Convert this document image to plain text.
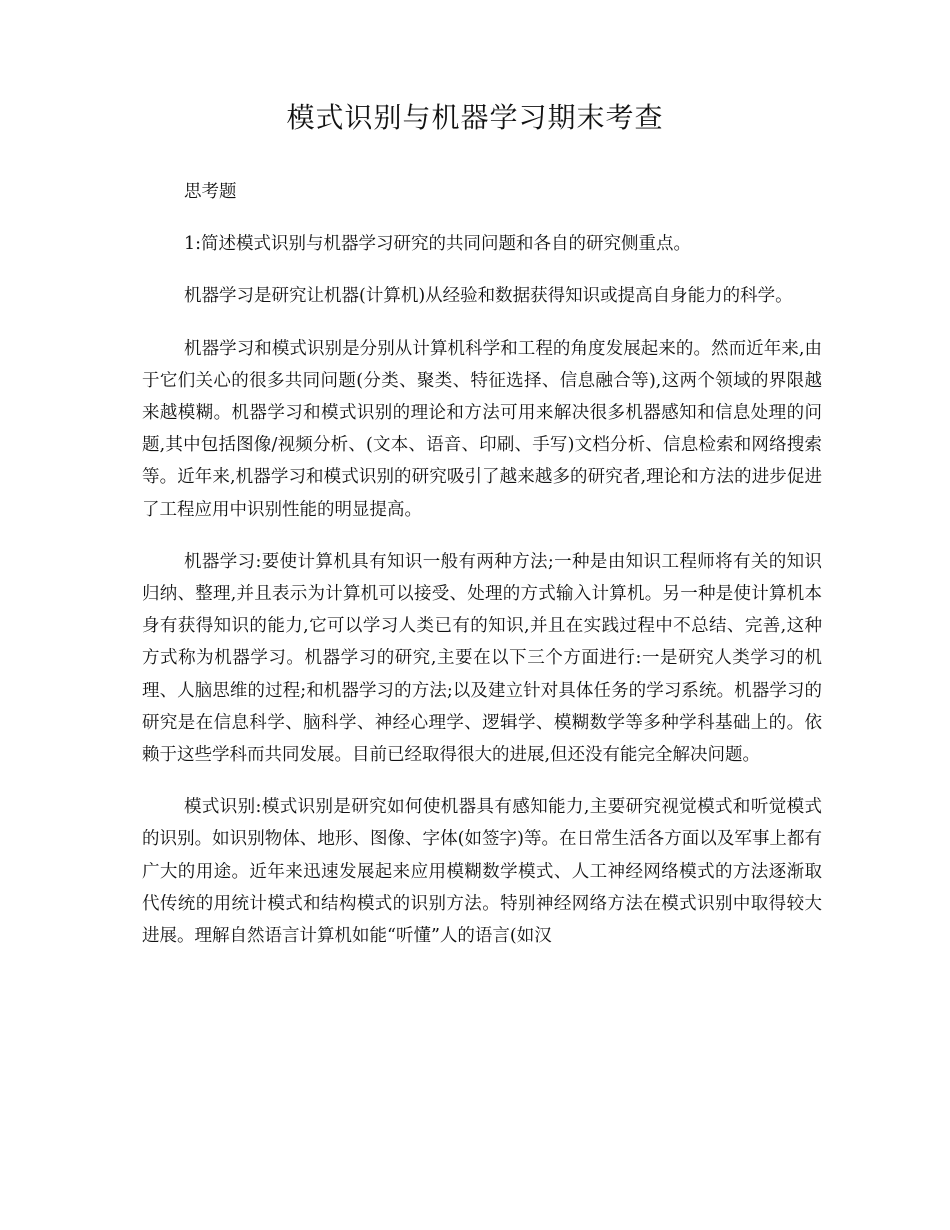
模式识别与机器学习期末考查

思考题

1:简述模式识别与机器学习研究的共同问题和各自的研究侧重点。

机器学习是研究让机器(计算机)从经验和数据获得知识或提高自身能力的科学。

机器学习和模式识别是分别从计算机科学和工程的角度发展起来的。然而近年来,由于它们关心的很多共同问题(分类、聚类、特征选择、信息融合等),这两个领域的界限越来越模糊。机器学习和模式识别的理论和方法可用来解决很多机器感知和信息处理的问题,其中包括图像/视频分析、(文本、语音、印刷、手写)文档分析、信息检索和网络搜索等。近年来,机器学习和模式识别的研究吸引了越来越多的研究者,理论和方法的进步促进了工程应用中识别性能的明显提高。

机器学习:要使计算机具有知识一般有两种方法;一种是由知识工程师将有关的知识归纳、整理,并且表示为计算机可以接受、处理的方式输入计算机。另一种是使计算机本身有获得知识的能力,它可以学习人类已有的知识,并且在实践过程中不总结、完善,这种方式称为机器学习。机器学习的研究,主要在以下三个方面进行:一是研究人类学习的机理、人脑思维的过程;和机器学习的方法;以及建立针对具体任务的学习系统。机器学习的研究是在信息科学、脑科学、神经心理学、逻辑学、模糊数学等多种学科基础上的。依赖于这些学科而共同发展。目前已经取得很大的进展,但还没有能完全解决问题。

模式识别:模式识别是研究如何使机器具有感知能力,主要研究视觉模式和听觉模式的识别。如识别物体、地形、图像、字体(如签字)等。在日常生活各方面以及军事上都有广大的用途。近年来迅速发展起来应用模糊数学模式、人工神经网络模式的方法逐渐取代传统的用统计模式和结构模式的识别方法。特别神经网络方法在模式识别中取得较大进展。理解自然语言计算机如能“听懂”人的语言(如汉
